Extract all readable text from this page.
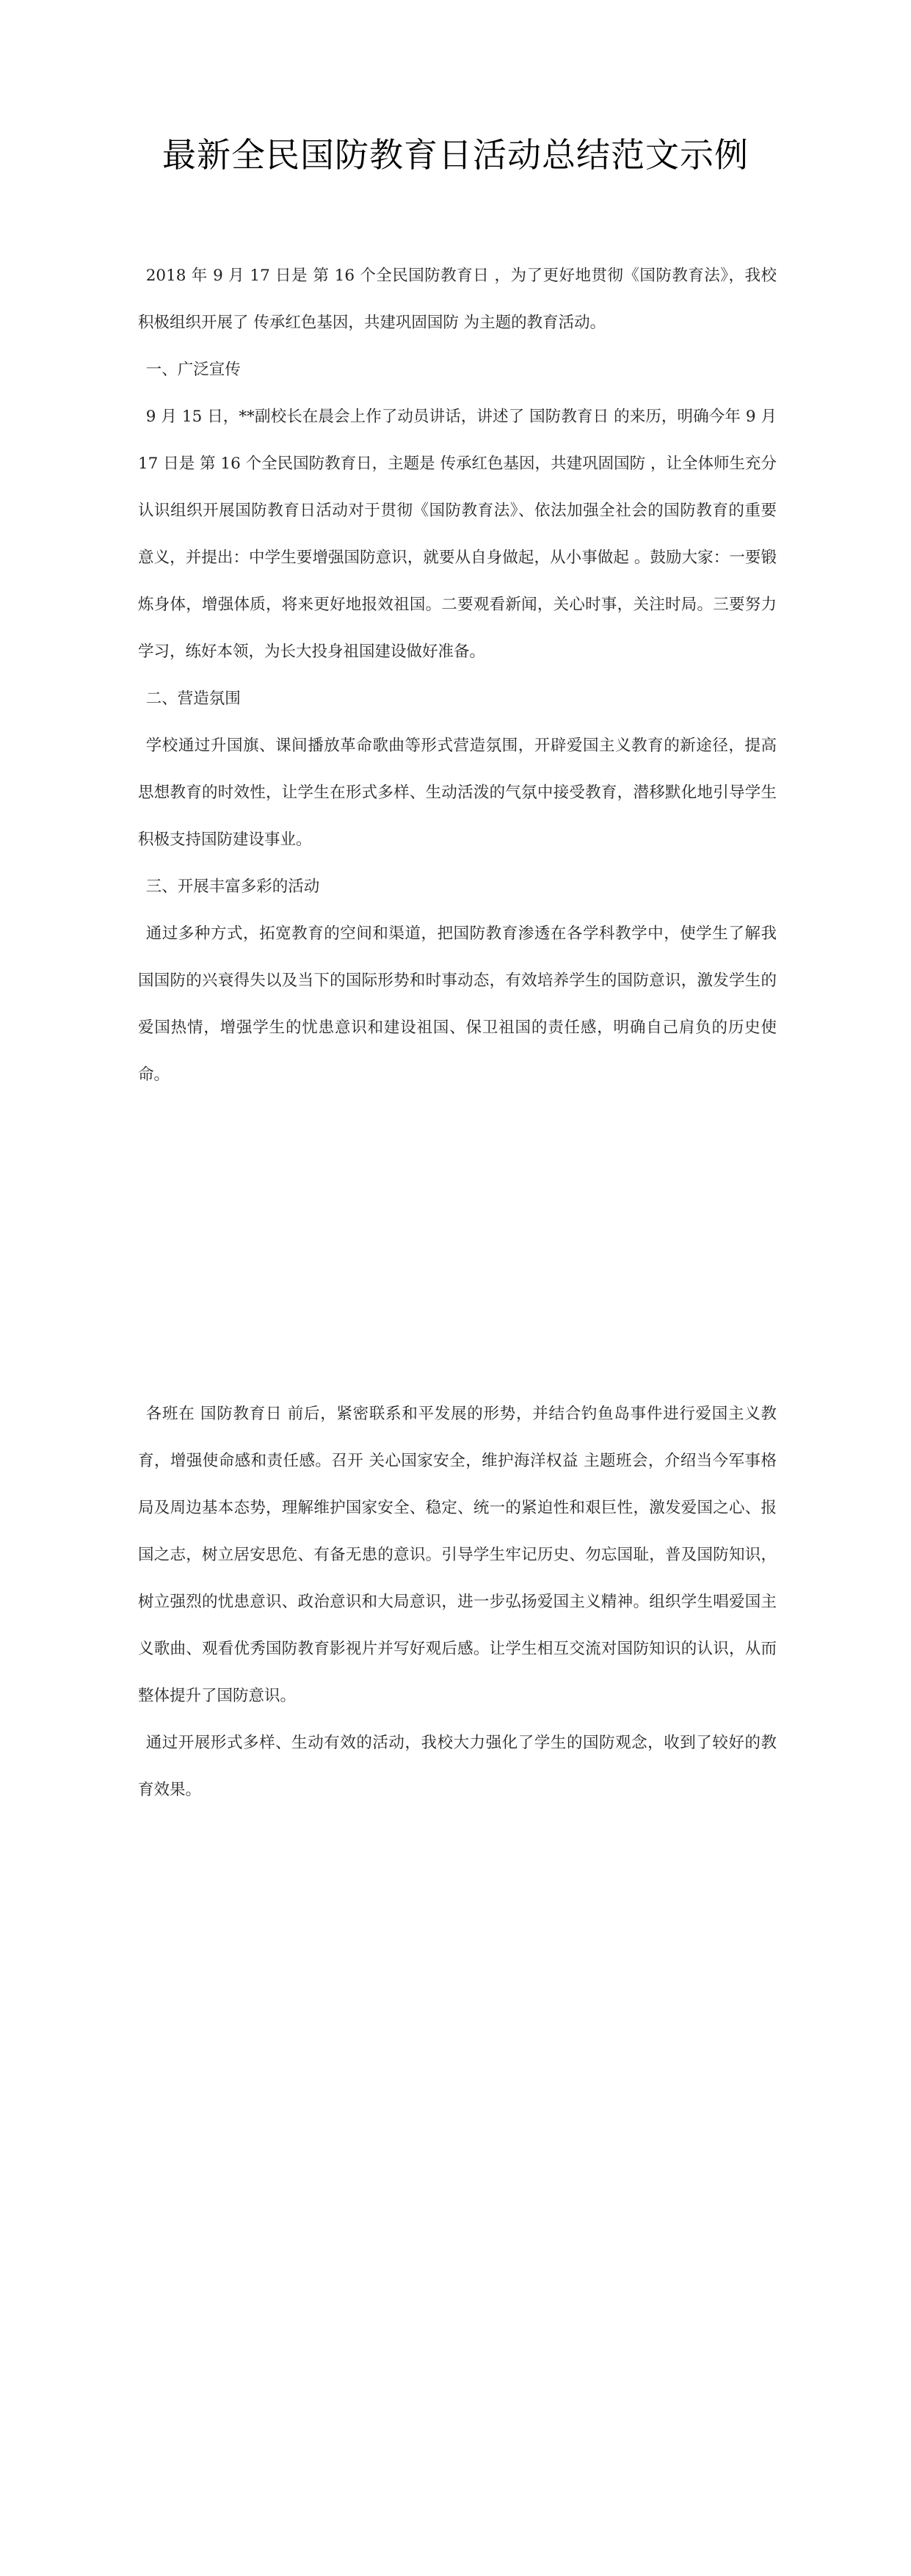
最新全民国防教育日活动总结范文示例

2018 年 9 月 17 日是 第 16 个全民国防教育日 ，为了更好地贯彻《国防教育法》，我校积极组织开展了 传承红色基因，共建巩固国防 为主题的教育活动。

一、广泛宣传

9 月 15 日，**副校长在晨会上作了动员讲话，讲述了 国防教育日 的来历，明确今年 9 月 17 日是 第 16 个全民国防教育日，主题是 传承红色基因，共建巩固国防 ，让全体师生充分认识组织开展国防教育日活动对于贯彻《国防教育法》、依法加强全社会的国防教育的重要意义，并提出：中学生要增强国防意识，就要从自身做起，从小事做起 。鼓励大家：一要锻炼身体，增强体质，将来更好地报效祖国。二要观看新闻，关心时事，关注时局。三要努力学习，练好本领，为长大投身祖国建设做好准备。

二、营造氛围

学校通过升国旗、课间播放革命歌曲等形式营造氛围，开辟爱国主义教育的新途径，提高思想教育的时效性，让学生在形式多样、生动活泼的气氛中接受教育，潜移默化地引导学生积极支持国防建设事业。

三、开展丰富多彩的活动

通过多种方式，拓宽教育的空间和渠道，把国防教育渗透在各学科教学中，使学生了解我国国防的兴衰得失以及当下的国际形势和时事动态，有效培养学生的国防意识，激发学生的爱国热情，增强学生的忧患意识和建设祖国、保卫祖国的责任感，明确自己肩负的历史使命。

各班在 国防教育日 前后，紧密联系和平发展的形势，并结合钓鱼岛事件进行爱国主义教育，增强使命感和责任感。召开 关心国家安全，维护海洋权益 主题班会，介绍当今军事格局及周边基本态势，理解维护国家安全、稳定、统一的紧迫性和艰巨性，激发爱国之心、报国之志，树立居安思危、有备无患的意识。引导学生牢记历史、勿忘国耻，普及国防知识，树立强烈的忧患意识、政治意识和大局意识，进一步弘扬爱国主义精神。组织学生唱爱国主义歌曲、观看优秀国防教育影视片并写好观后感。让学生相互交流对国防知识的认识，从而整体提升了国防意识。

通过开展形式多样、生动有效的活动，我校大力强化了学生的国防观念，收到了较好的教育效果。
